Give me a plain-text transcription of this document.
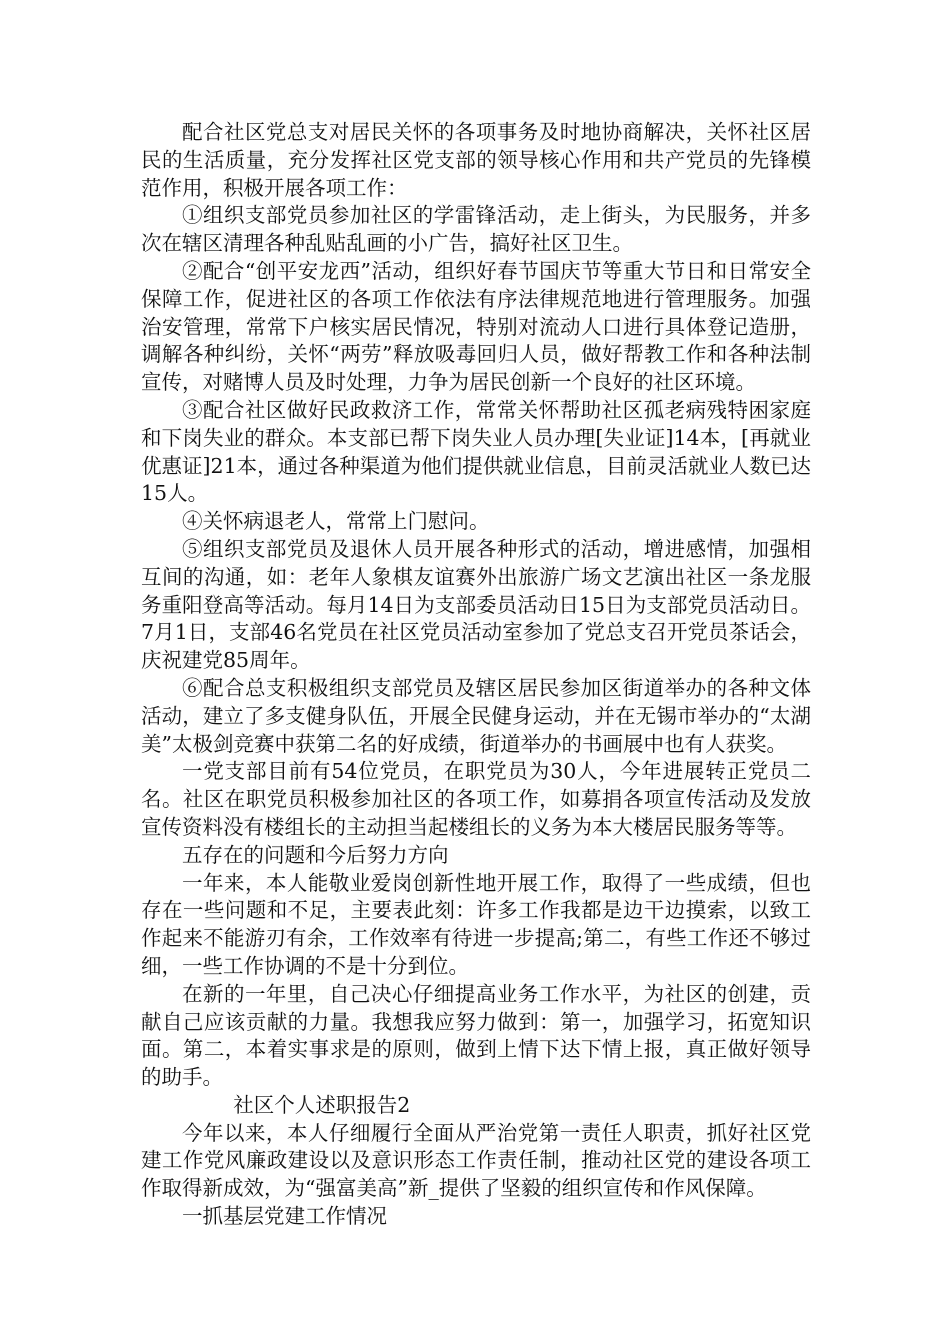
配合社区党总支对居民关怀的各项事务及时地协商解决，关怀社区居民的生活质量，充分发挥社区党支部的领导核心作用和共产党员的先锋模范作用，积极开展各项工作：

①组织支部党员参加社区的学雷锋活动，走上街头，为民服务，并多次在辖区清理各种乱贴乱画的小广告，搞好社区卫生。

②配合“创平安龙西”活动，组织好春节国庆节等重大节日和日常安全保障工作，促进社区的各项工作依法有序法律规范地进行管理服务。加强治安管理，常常下户核实居民情况，特别对流动人口进行具体登记造册，调解各种纠纷，关怀“两劳”释放吸毒回归人员，做好帮教工作和各种法制宣传，对赌博人员及时处理，力争为居民创新一个良好的社区环境。

③配合社区做好民政救济工作，常常关怀帮助社区孤老病残特困家庭和下岗失业的群众。本支部已帮下岗失业人员办理[失业证]14本，[再就业优惠证]21本，通过各种渠道为他们提供就业信息，目前灵活就业人数已达15人。

④关怀病退老人，常常上门慰问。

⑤组织支部党员及退休人员开展各种形式的活动，增进感情，加强相互间的沟通，如：老年人象棋友谊赛外出旅游广场文艺演出社区一条龙服务重阳登高等活动。每月14日为支部委员活动日15日为支部党员活动日。7月1日，支部46名党员在社区党员活动室参加了党总支召开党员茶话会，庆祝建党85周年。

⑥配合总支积极组织支部党员及辖区居民参加区街道举办的各种文体活动，建立了多支健身队伍，开展全民健身运动，并在无锡市举办的“太湖美”太极剑竞赛中获第二名的好成绩，街道举办的书画展中也有人获奖。

一党支部目前有54位党员，在职党员为30人，今年进展转正党员二名。社区在职党员积极参加社区的各项工作，如募捐各项宣传活动及发放宣传资料没有楼组长的主动担当起楼组长的义务为本大楼居民服务等等。

五存在的问题和今后努力方向

一年来，本人能敬业爱岗创新性地开展工作，取得了一些成绩，但也存在一些问题和不足，主要表此刻：许多工作我都是边干边摸索，以致工作起来不能游刃有余，工作效率有待进一步提高;第二，有些工作还不够过细，一些工作协调的不是十分到位。

在新的一年里，自己决心仔细提高业务工作水平，为社区的创建，贡献自己应该贡献的力量。我想我应努力做到：第一，加强学习，拓宽知识面。第二，本着实事求是的原则，做到上情下达下情上报，真正做好领导的助手。

社区个人述职报告2

今年以来，本人仔细履行全面从严治党第一责任人职责，抓好社区党建工作党风廉政建设以及意识形态工作责任制，推动社区党的建设各项工作取得新成效，为“强富美高”新_提供了坚毅的组织宣传和作风保障。

一抓基层党建工作情况
